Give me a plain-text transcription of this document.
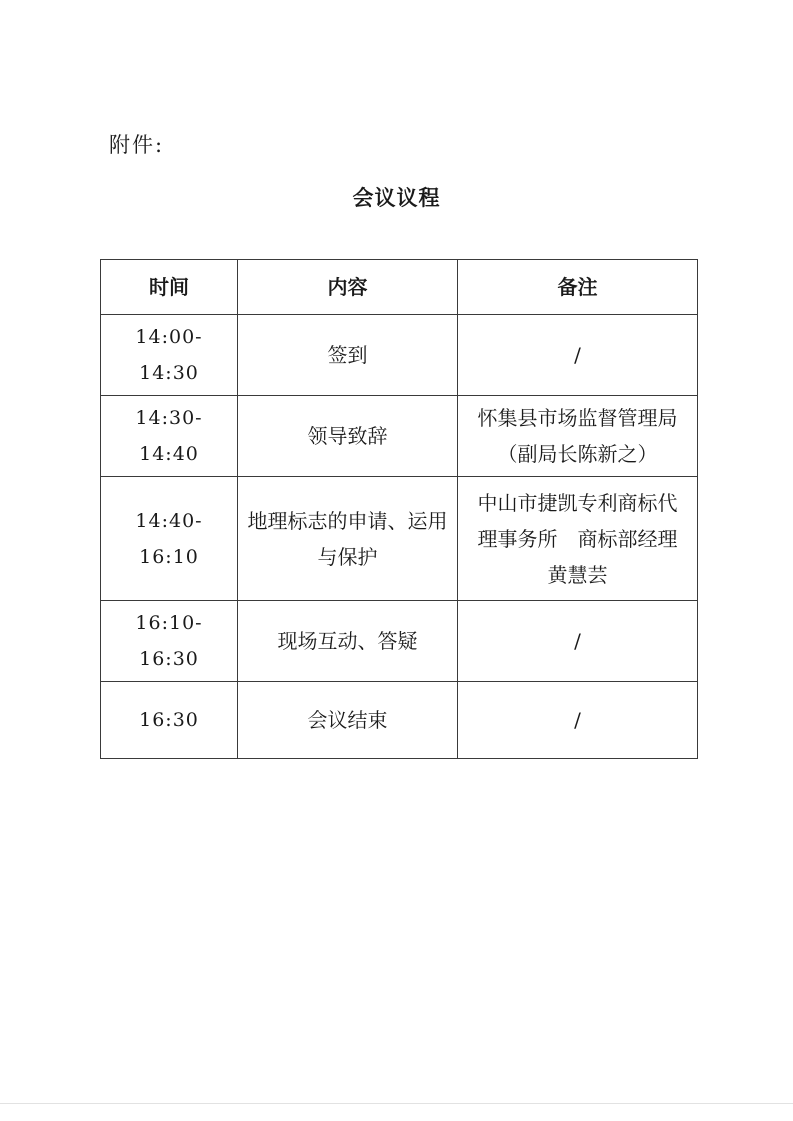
附件:
会议议程
时间	内容	备注
14:00-14:30	签到	/

14:30-14:40	领导致辞	怀集县市场监督管理局
（副局长陈新之）

14:40-16:10	地理标志的申请、运用
与保护	中山市捷凯专利商标代
理事务所　商标部经理
黄慧芸

16:10-16:30	现场互动、答疑	/

16:30	会议结束	/
